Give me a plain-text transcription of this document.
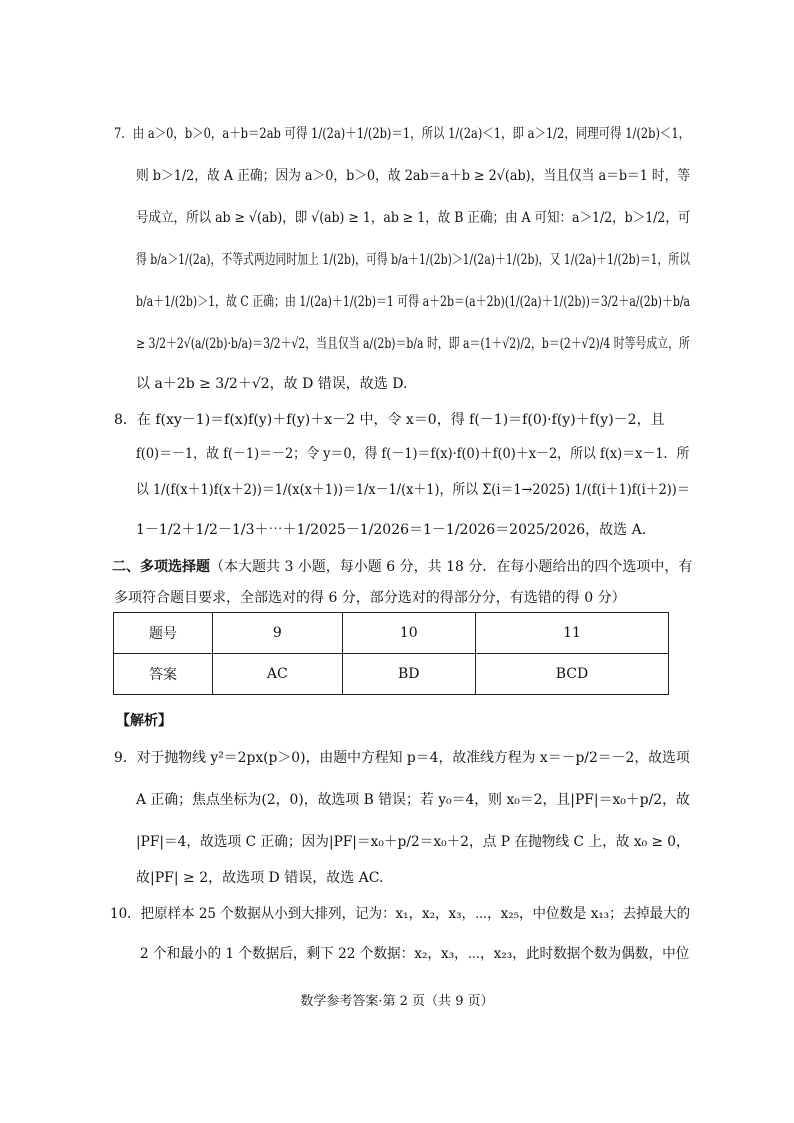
7．由 a＞0，b＞0，a＋b＝2ab 可得 1/(2a)＋1/(2b)＝1，所以 1/(2a)＜1，即 a＞1/2，同理可得 1/(2b)＜1，
则 b＞1/2，故 A 正确；因为 a＞0，b＞0，故 2ab＝a＋b ≥ 2√(ab)，当且仅当 a＝b＝1 时，等
号成立，所以 ab ≥ √(ab)，即 √(ab) ≥ 1，ab ≥ 1，故 B 正确；由 A 可知：a＞1/2，b＞1/2，可
得 b/a＞1/(2a)，不等式两边同时加上 1/(2b)，可得 b/a＋1/(2b)＞1/(2a)＋1/(2b)，又 1/(2a)＋1/(2b)＝1，所以
b/a＋1/(2b)＞1，故 C 正确；由 1/(2a)＋1/(2b)＝1 可得 a＋2b＝(a＋2b)(1/(2a)＋1/(2b))＝3/2＋a/(2b)＋b/a
≥ 3/2＋2√(a/(2b)·b/a)＝3/2＋√2，当且仅当 a/(2b)＝b/a 时，即 a＝(1＋√2)/2，b＝(2＋√2)/4 时等号成立，所
以 a＋2b ≥ 3/2＋√2，故 D 错误，故选 D.
8．在 f(xy－1)＝f(x)f(y)＋f(y)＋x－2 中，令 x＝0，得 f(－1)＝f(0)·f(y)＋f(y)－2，且
f(0)＝－1，故 f(－1)＝－2；令 y＝0，得 f(－1)＝f(x)·f(0)＋f(0)＋x－2，所以 f(x)＝x－1．所
以 1/(f(x＋1)f(x＋2))＝1/(x(x＋1))＝1/x－1/(x＋1)，所以 Σ(i＝1→2025) 1/(f(i＋1)f(i＋2))＝
1－1/2＋1/2－1/3＋⋯＋1/2025－1/2026＝1－1/2026＝2025/2026，故选 A.
二、多项选择题（本大题共 3 小题，每小题 6 分，共 18 分．在每小题给出的四个选项中，有
多项符合题目要求，全部选对的得 6 分，部分选对的得部分分，有选错的得 0 分）
题号	9	10	11
答案	AC	BD	BCD
【解析】
9．对于抛物线 y²＝2px(p＞0)，由题中方程知 p＝4，故准线方程为 x＝－p/2＝－2，故选项
A 正确；焦点坐标为(2，0)，故选项 B 错误；若 y₀＝4，则 x₀＝2，且|PF|＝x₀＋p/2，故
|PF|＝4，故选项 C 正确；因为|PF|＝x₀＋p/2＝x₀＋2，点 P 在抛物线 C 上，故 x₀ ≥ 0，
故|PF| ≥ 2，故选项 D 错误，故选 AC.
10．把原样本 25 个数据从小到大排列，记为：x₁，x₂，x₃，⋯，x₂₅，中位数是 x₁₃；去掉最大的
2 个和最小的 1 个数据后，剩下 22 个数据：x₂，x₃，⋯，x₂₃，此时数据个数为偶数，中位
数学参考答案·第 2 页（共 9 页）
